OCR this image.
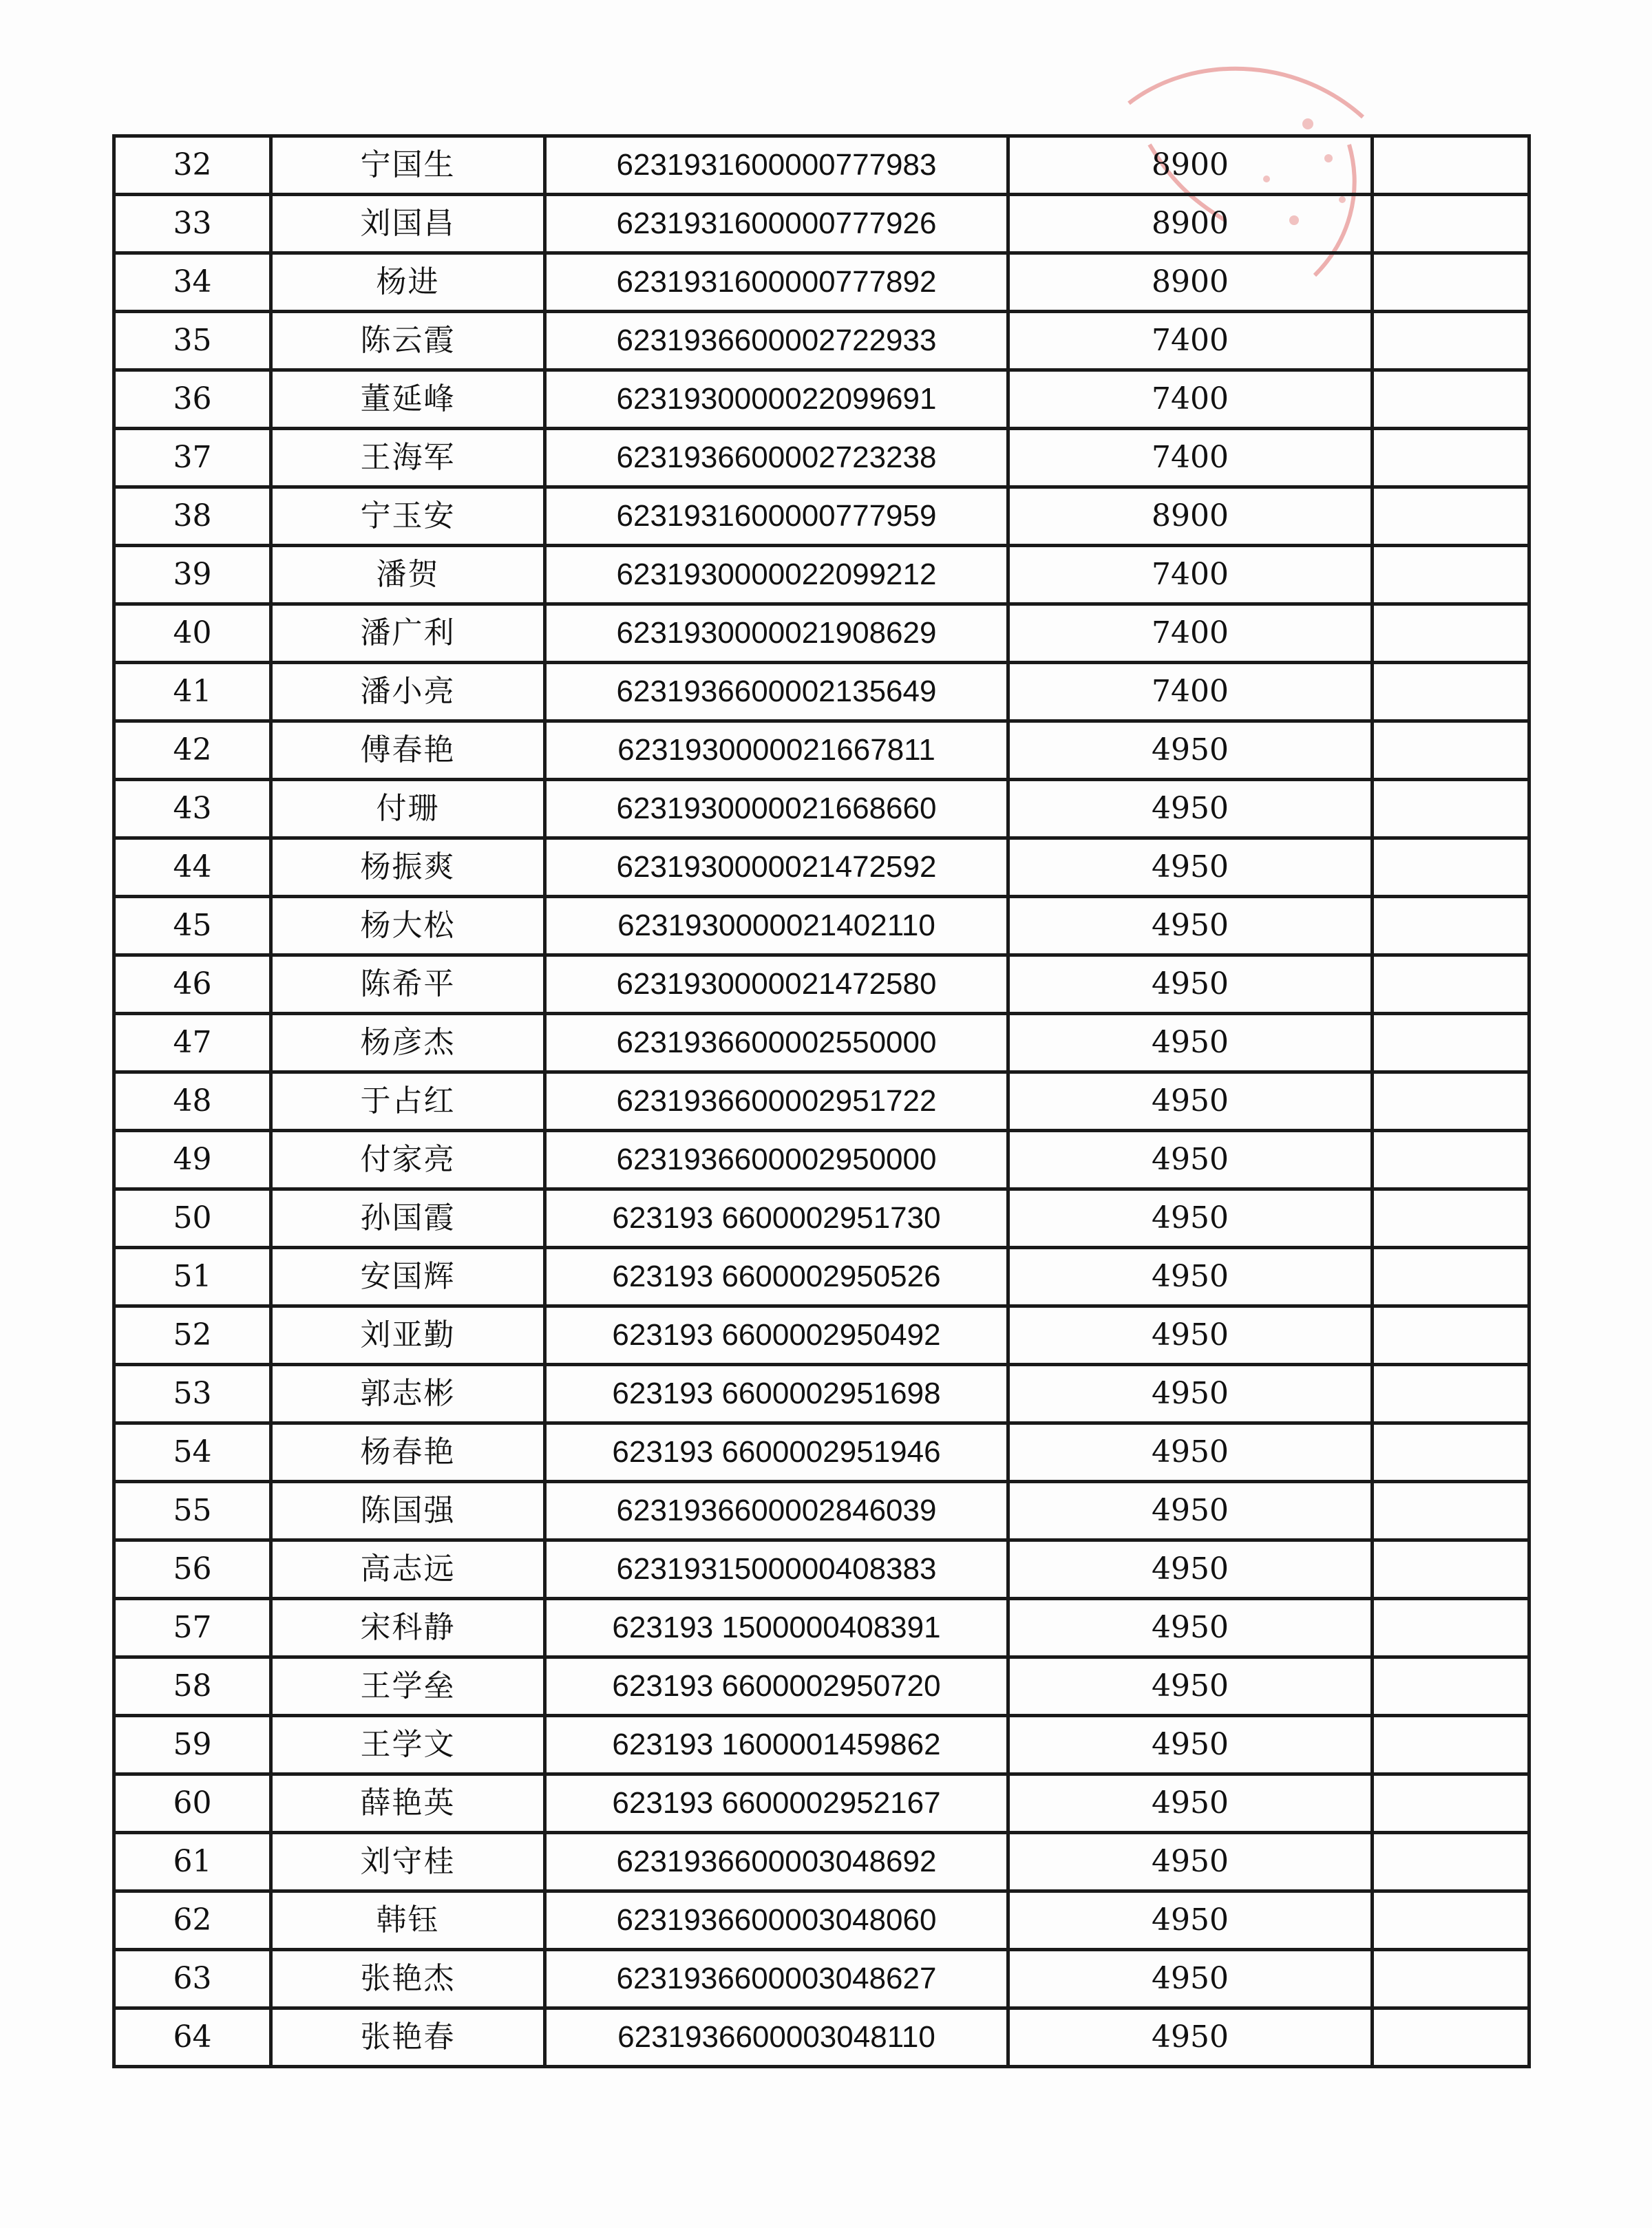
32	宁国生	6231931600000777983	8900	
33	刘国昌	6231931600000777926	8900	
34	杨进	6231931600000777892	8900	
35	陈云霞	6231936600002722933	7400	
36	董延峰	6231930000022099691	7400	
37	王海军	6231936600002723238	7400	
38	宁玉安	6231931600000777959	8900	
39	潘贺	6231930000022099212	7400	
40	潘广利	6231930000021908629	7400	
41	潘小亮	6231936600002135649	7400	
42	傅春艳	6231930000021667811	4950	
43	付珊	6231930000021668660	4950	
44	杨振爽	6231930000021472592	4950	
45	杨大松	6231930000021402110	4950	
46	陈希平	6231930000021472580	4950	
47	杨彦杰	6231936600002550000	4950	
48	于占红	6231936600002951722	4950	
49	付家亮	6231936600002950000	4950	
50	孙国霞	623193 6600002951730	4950	
51	安国辉	623193 6600002950526	4950	
52	刘亚勤	623193 6600002950492	4950	
53	郭志彬	623193 6600002951698	4950	
54	杨春艳	623193 6600002951946	4950	
55	陈国强	6231936600002846039	4950	
56	高志远	6231931500000408383	4950	
57	宋科静	623193 1500000408391	4950	
58	王学垒	623193 6600002950720	4950	
59	王学文	623193 1600001459862	4950	
60	薛艳英	623193 6600002952167	4950	
61	刘守桂	6231936600003048692	4950	
62	韩钰	6231936600003048060	4950	
63	张艳杰	6231936600003048627	4950	
64	张艳春	6231936600003048110	4950	
